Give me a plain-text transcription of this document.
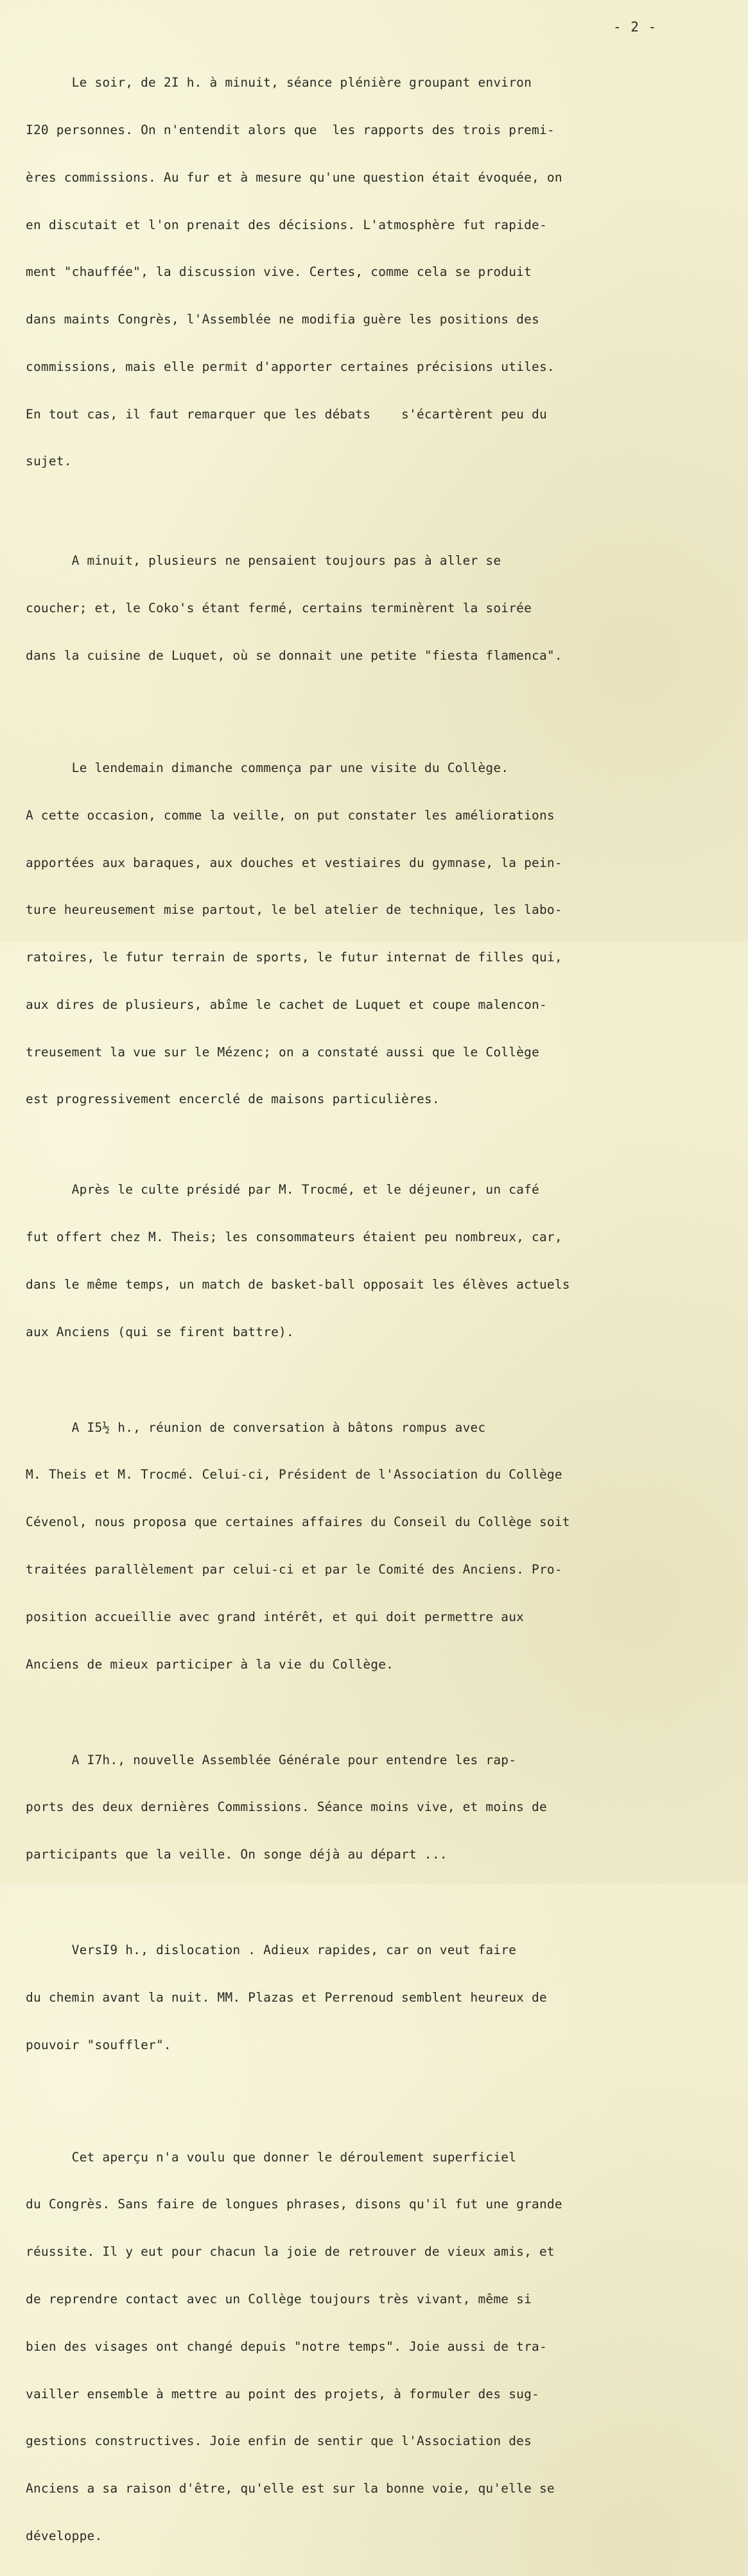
- 2 -

Le soir, de 2I h. à minuit, séance plénière groupant environ

I20 personnes. On n'entendit alors que  les rapports des trois premi-

ères commissions. Au fur et à mesure qu'une question était évoquée, on

en discutait et l'on prenait des décisions. L'atmosphère fut rapide-

ment "chauffée", la discussion vive. Certes, comme cela se produit

dans maints Congrès, l'Assemblée ne modifia guère les positions des

commissions, mais elle permit d'apporter certaines précisions utiles.

En tout cas, il faut remarquer que les débats    s'écartèrent peu du

sujet.

A minuit, plusieurs ne pensaient toujours pas à aller se

coucher; et, le Coko's étant fermé, certains terminèrent la soirée

dans la cuisine de Luquet, où se donnait une petite "fiesta flamenca".

Le lendemain dimanche commença par une visite du Collège.

A cette occasion, comme la veille, on put constater les améliorations

apportées aux baraques, aux douches et vestiaires du gymnase, la pein-

ture heureusement mise partout, le bel atelier de technique, les labo-

ratoires, le futur terrain de sports, le futur internat de filles qui,

aux dires de plusieurs, abîme le cachet de Luquet et coupe malencon-

treusement la vue sur le Mézenc; on a constaté aussi que le Collège

est progressivement encerclé de maisons particulières.

Après le culte présidé par M. Trocmé, et le déjeuner, un café

fut offert chez M. Theis; les consommateurs étaient peu nombreux, car,

dans le même temps, un match de basket-ball opposait les élèves actuels

aux Anciens (qui se firent battre).

A I5½ h., réunion de conversation à bâtons rompus avec

M. Theis et M. Trocmé. Celui-ci, Président de l'Association du Collège

Cévenol, nous proposa que certaines affaires du Conseil du Collège soit

traitées parallèlement par celui-ci et par le Comité des Anciens. Pro-

position accueillie avec grand intérêt, et qui doit permettre aux

Anciens de mieux participer à la vie du Collège.

A I7h., nouvelle Assemblée Générale pour entendre les rap-

ports des deux dernières Commissions. Séance moins vive, et moins de

participants que la veille. On songe déjà au départ ...

VersI9 h., dislocation . Adieux rapides, car on veut faire

du chemin avant la nuit. MM. Plazas et Perrenoud semblent heureux de

pouvoir "souffler".

Cet aperçu n'a voulu que donner le déroulement superficiel

du Congrès. Sans faire de longues phrases, disons qu'il fut une grande

réussite. Il y eut pour chacun la joie de retrouver de vieux amis, et

de reprendre contact avec un Collège toujours très vivant, même si

bien des visages ont changé depuis "notre temps". Joie aussi de tra-

vailler ensemble à mettre au point des projets, à formuler des sug-

gestions constructives. Joie enfin de sentir que l'Association des

Anciens a sa raison d'être, qu'elle est sur la bonne voie, qu'elle se

développe.
